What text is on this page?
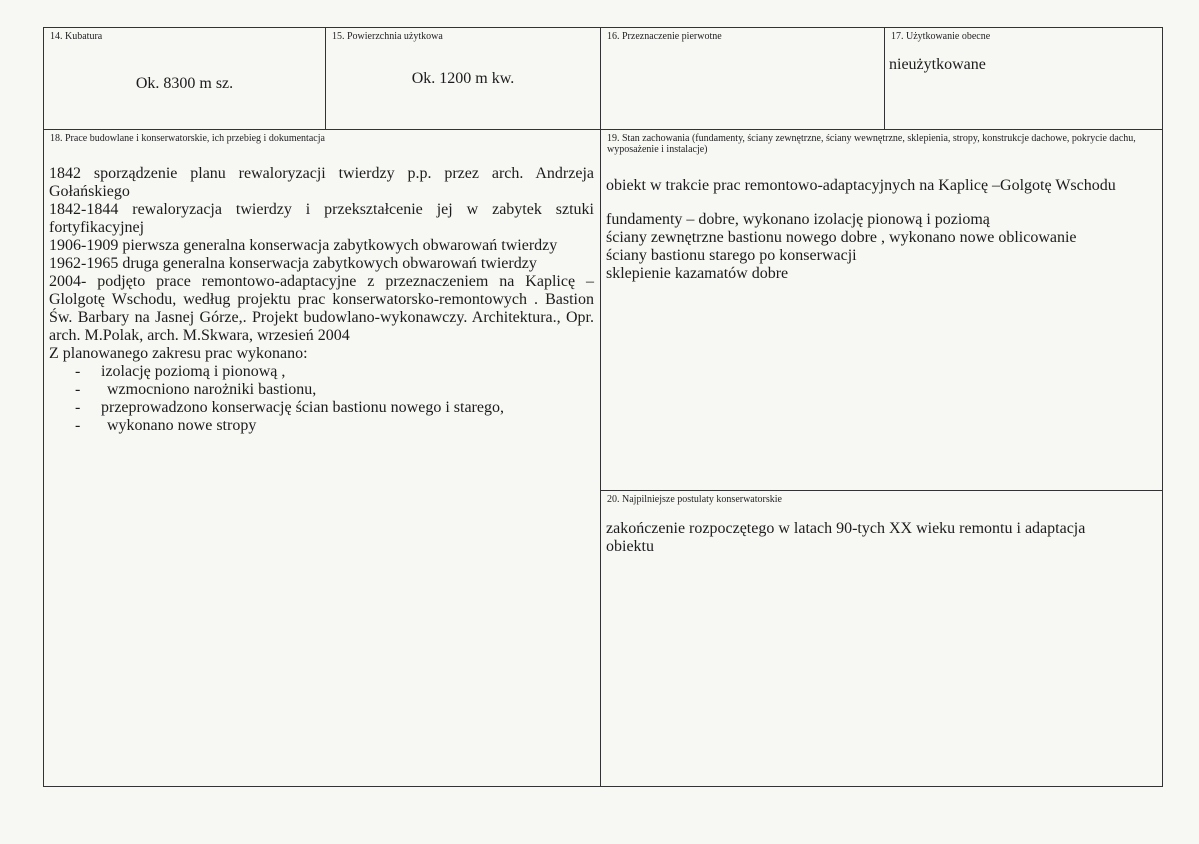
14. Kubatura
Ok. 8300 m sz.
15. Powierzchnia użytkowa
Ok. 1200 m kw.
16. Przeznaczenie pierwotne	17. Użytkowanie obecne
nieużytkowane
18. Prace budowlane i konserwatorskie, ich przebieg i dokumentacja

1842 sporządzenie planu rewaloryzacji twierdzy p.p. przez arch. Andrzeja Gołańskiego

1842-1844 rewaloryzacja twierdzy i przekształcenie jej w zabytek sztuki fortyfikacyjnej

1906-1909 pierwsza generalna konserwacja zabytkowych obwarowań twierdzy

1962-1965 druga generalna konserwacja zabytkowych obwarowań twierdzy

2004- podjęto prace remontowo-adaptacyjne z przeznaczeniem na Kaplicę –Glolgotę Wschodu, według projektu prac konserwatorsko-remontowych . Bastion Św. Barbary na Jasnej Górze,. Projekt budowlano-wykonawczy. Architektura., Opr. arch. M.Polak, arch. M.Skwara, wrzesień 2004

Z planowanego zakresu prac wykonano:

- izolację poziomą i pionową ,
- wzmocniono narożniki bastionu,
- przeprowadzono konserwację ścian bastionu nowego i starego,
- wykonano nowe stropy
19. Stan zachowania (fundamenty, ściany zewnętrzne, ściany wewnętrzne, sklepienia, stropy, konstrukcje dachowe, pokrycie dachu, wyposażenie i instalacje)
obiekt w trakcie prac remontowo-adaptacyjnych na Kaplicę –Golgotę Wschodu

fundamenty – dobre, wykonano izolację pionową i poziomą

ściany zewnętrzne bastionu nowego dobre , wykonano nowe oblicowanie

ściany bastionu starego po konserwacji

sklepienie kazamatów dobre

20. Najpilniejsze postulaty konserwatorskie
zakończenie rozpoczętego w latach 90-tych XX wieku remontu i adaptacja obiektu
